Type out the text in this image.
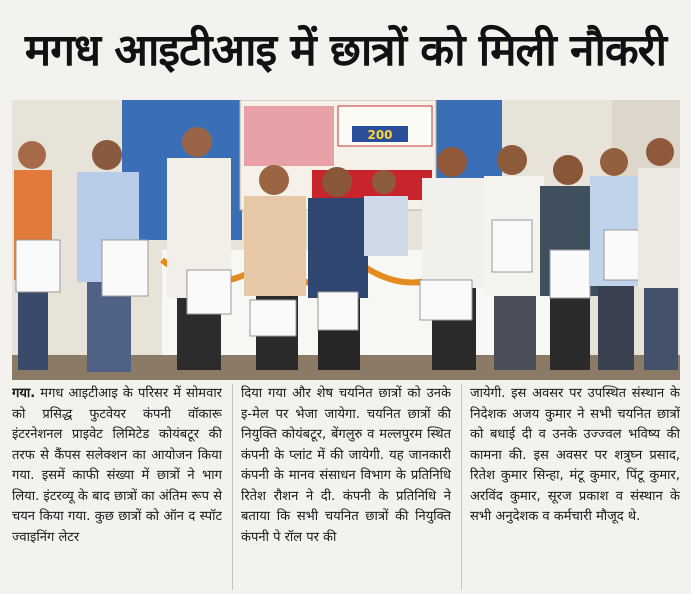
मगध आइटीआइ में छात्रों को मिली नौकरी
200
गया. मगध आइटीआइ के परिसर में सोमवार को प्रसिद्ध फुटवेयर कंपनी वॉकारू इंटरनेशनल प्राइवेट लिमिटेड कोयंबटूर की तरफ से कैंपस सलेक्शन का आयोजन किया गया. इसमें काफी संख्या में छात्रों ने भाग लिया. इंटरव्यू के बाद छात्रों का अंतिम रूप से चयन किया गया. कुछ छात्रों को ऑन द स्पॉट ज्वाइनिंग लेटर
दिया गया और शेष चयनित छात्रों को उनके इ-मेल पर भेजा जायेगा. चयनित छात्रों की नियुक्ति कोयंबटूर, बेंगलुरु व मल्लपुरम स्थित कंपनी के प्लांट में की जायेगी. यह जानकारी कंपनी के मानव संसाधन विभाग के प्रतिनिधि रितेश रौशन ने दी. कंपनी के प्रतिनिधि ने बताया कि सभी चयनित छात्रों की नियुक्ति कंपनी पे रॉल पर की
जायेगी. इस अवसर पर उपस्थित संस्थान के निदेशक अजय कुमार ने सभी चयनित छात्रों को बधाई दी व उनके उज्ज्वल भविष्य की कामना की. इस अवसर पर शत्रुघ्न प्रसाद, रितेश कुमार सिन्हा, मंटू कुमार, पिंटू कुमार, अरविंद कुमार, सूरज प्रकाश व संस्थान के सभी अनुदेशक व कर्मचारी मौजूद थे.
